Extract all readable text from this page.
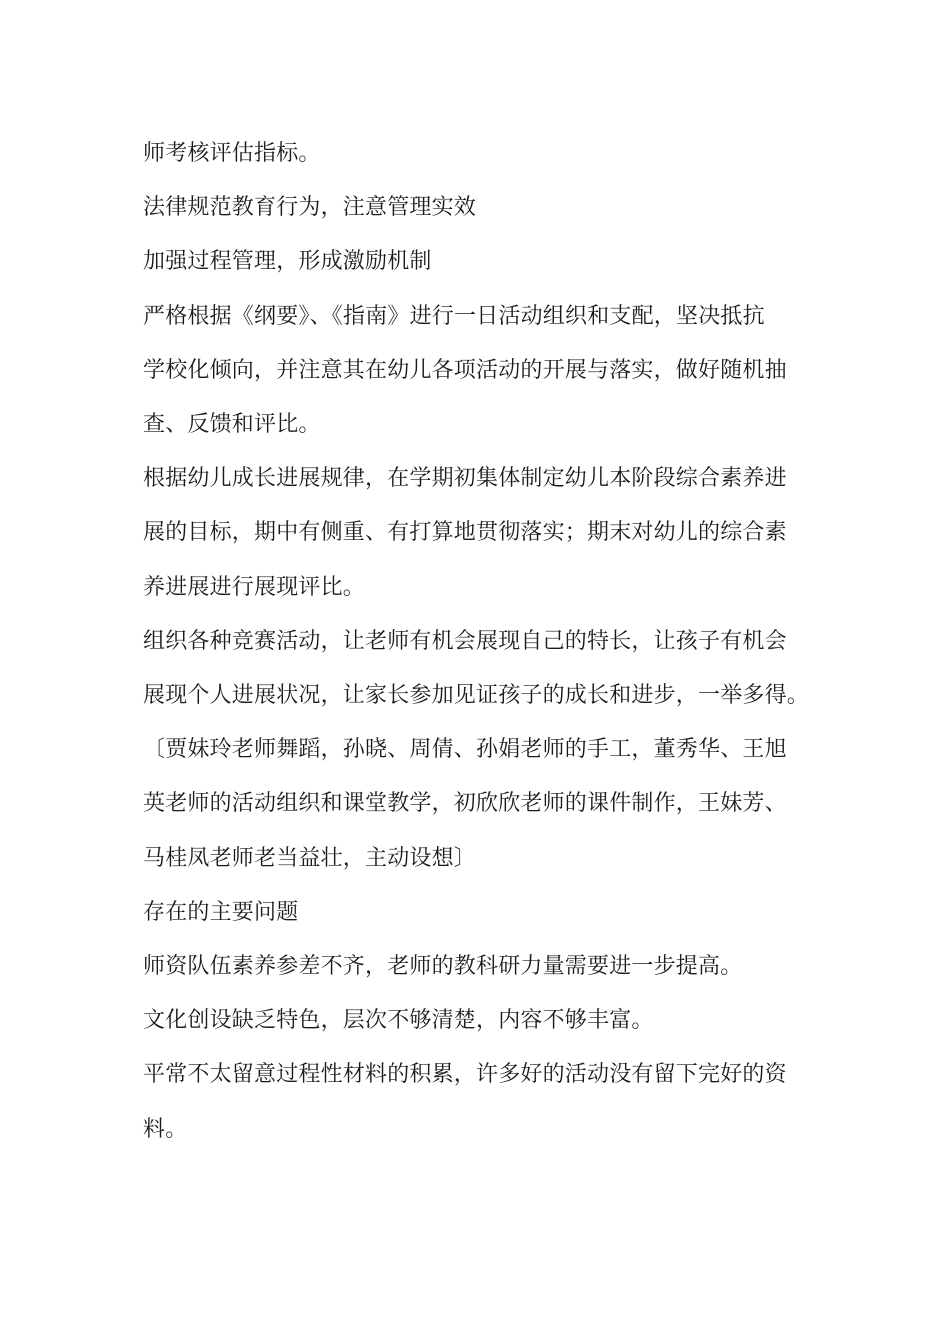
师考核评估指标。
法律规范教育行为，注意管理实效
加强过程管理，形成激励机制
严格根据《纲要》、《指南》进行一日活动组织和支配，坚决抵抗
学校化倾向，并注意其在幼儿各项活动的开展与落实，做好随机抽
查、反馈和评比。
根据幼儿成长进展规律，在学期初集体制定幼儿本阶段综合素养进
展的目标，期中有侧重、有打算地贯彻落实；期末对幼儿的综合素
养进展进行展现评比。
组织各种竞赛活动，让老师有机会展现自己的特长，让孩子有机会
展现个人进展状况，让家长参加见证孩子的成长和进步，一举多得。
〔贾妹玲老师舞蹈，孙晓、周倩、孙娟老师的手工，董秀华、王旭
英老师的活动组织和课堂教学，初欣欣老师的课件制作，王妹芳、
马桂凤老师老当益壮，主动设想〕
存在的主要问题
师资队伍素养参差不齐，老师的教科研力量需要进一步提高。
文化创设缺乏特色，层次不够清楚，内容不够丰富。
平常不太留意过程性材料的积累，许多好的活动没有留下完好的资
料。
